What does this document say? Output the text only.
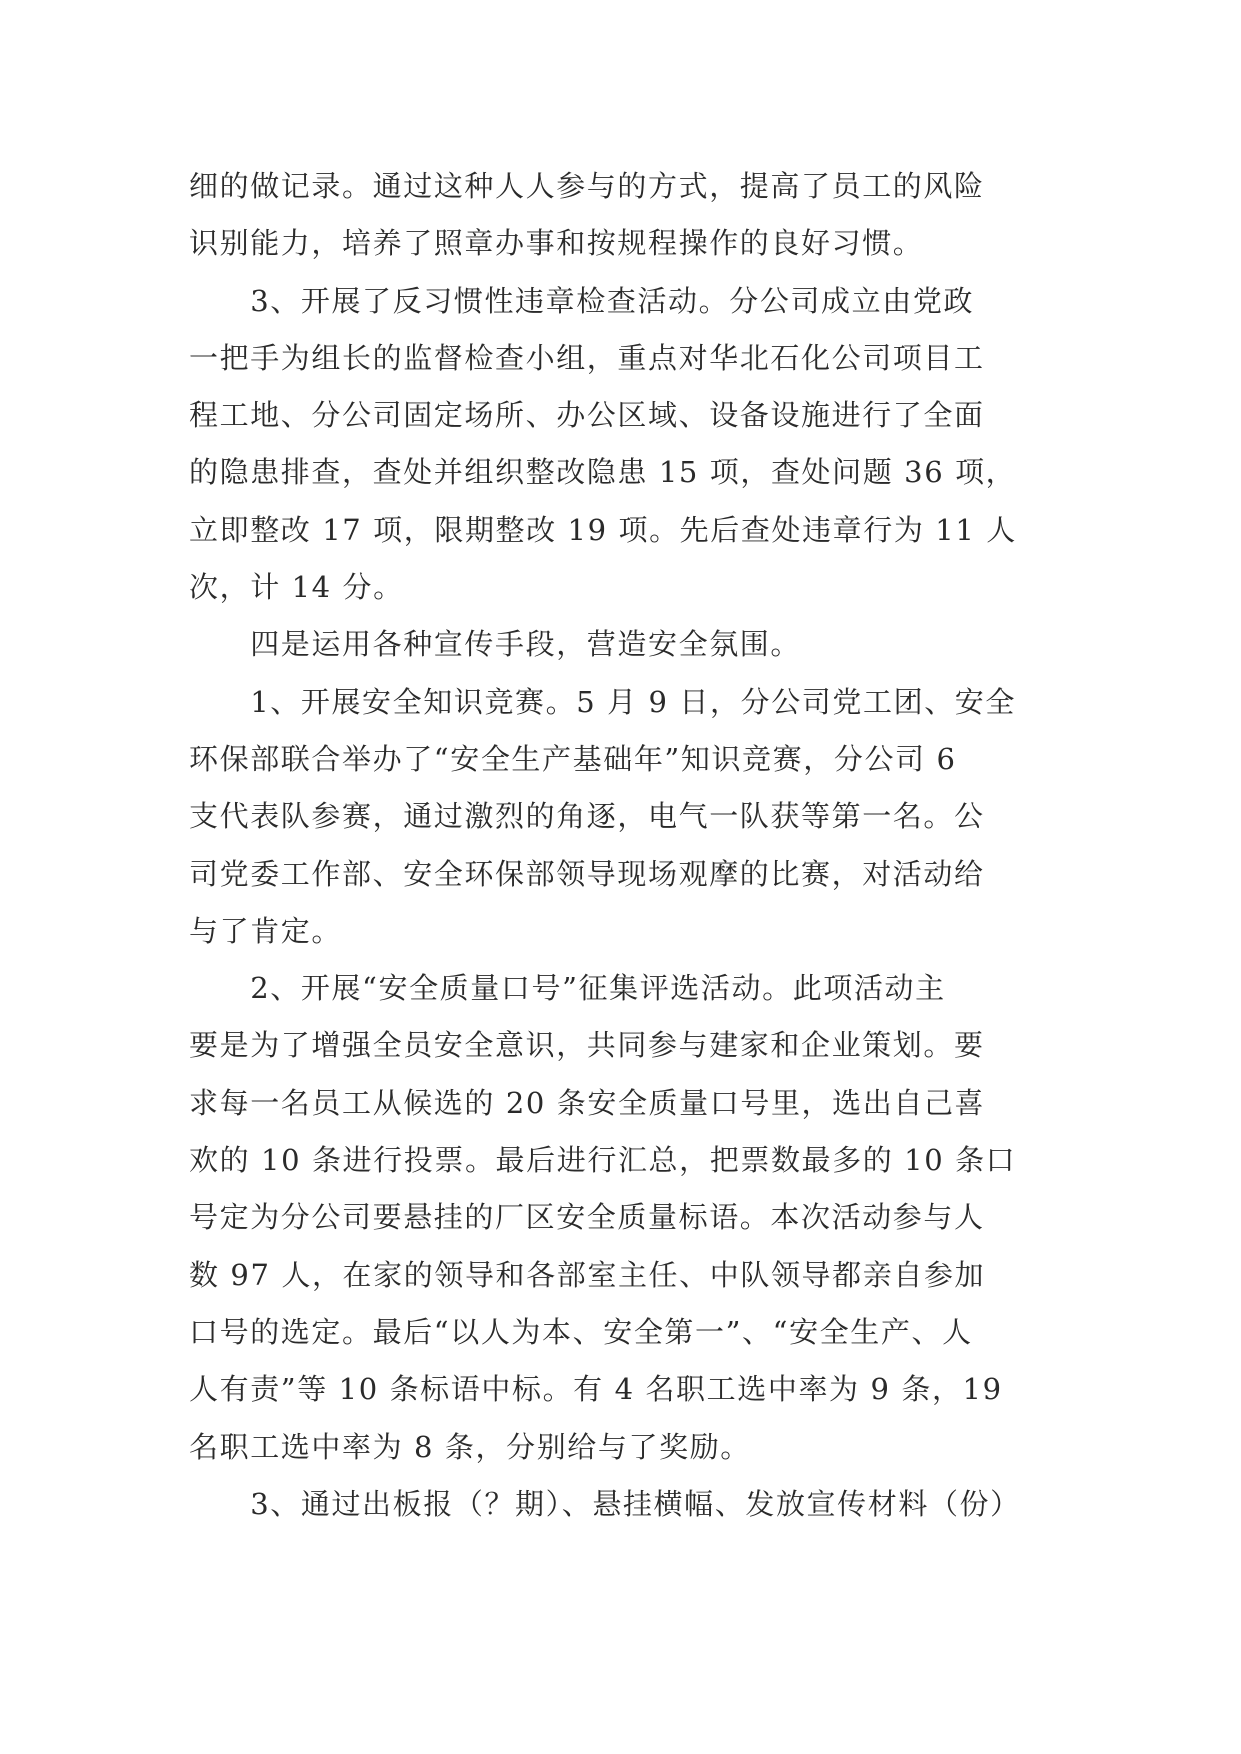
细的做记录。通过这种人人参与的方式，提高了员工的风险
识别能力，培养了照章办事和按规程操作的良好习惯。
　　3、开展了反习惯性违章检查活动。分公司成立由党政
一把手为组长的监督检查小组，重点对华北石化公司项目工
程工地、分公司固定场所、办公区域、设备设施进行了全面
的隐患排查，查处并组织整改隐患 15 项，查处问题 36 项，
立即整改 17 项，限期整改 19 项。先后查处违章行为 11 人
次，计 14 分。
　　四是运用各种宣传手段，营造安全氛围。
　　1、开展安全知识竞赛。5 月 9 日，分公司党工团、安全
环保部联合举办了“安全生产基础年”知识竞赛，分公司 6
支代表队参赛，通过激烈的角逐，电气一队获等第一名。公
司党委工作部、安全环保部领导现场观摩的比赛，对活动给
与了肯定。
　　2、开展“安全质量口号”征集评选活动。此项活动主
要是为了增强全员安全意识，共同参与建家和企业策划。要
求每一名员工从候选的 20 条安全质量口号里，选出自己喜
欢的 10 条进行投票。最后进行汇总，把票数最多的 10 条口
号定为分公司要悬挂的厂区安全质量标语。本次活动参与人
数 97 人，在家的领导和各部室主任、中队领导都亲自参加
口号的选定。最后“以人为本、安全第一”、“安全生产、人
人有责”等 10 条标语中标。有 4 名职工选中率为 9 条，19
名职工选中率为 8 条，分别给与了奖励。
　　3、通过出板报（？期）、悬挂横幅、发放宣传材料（份）
